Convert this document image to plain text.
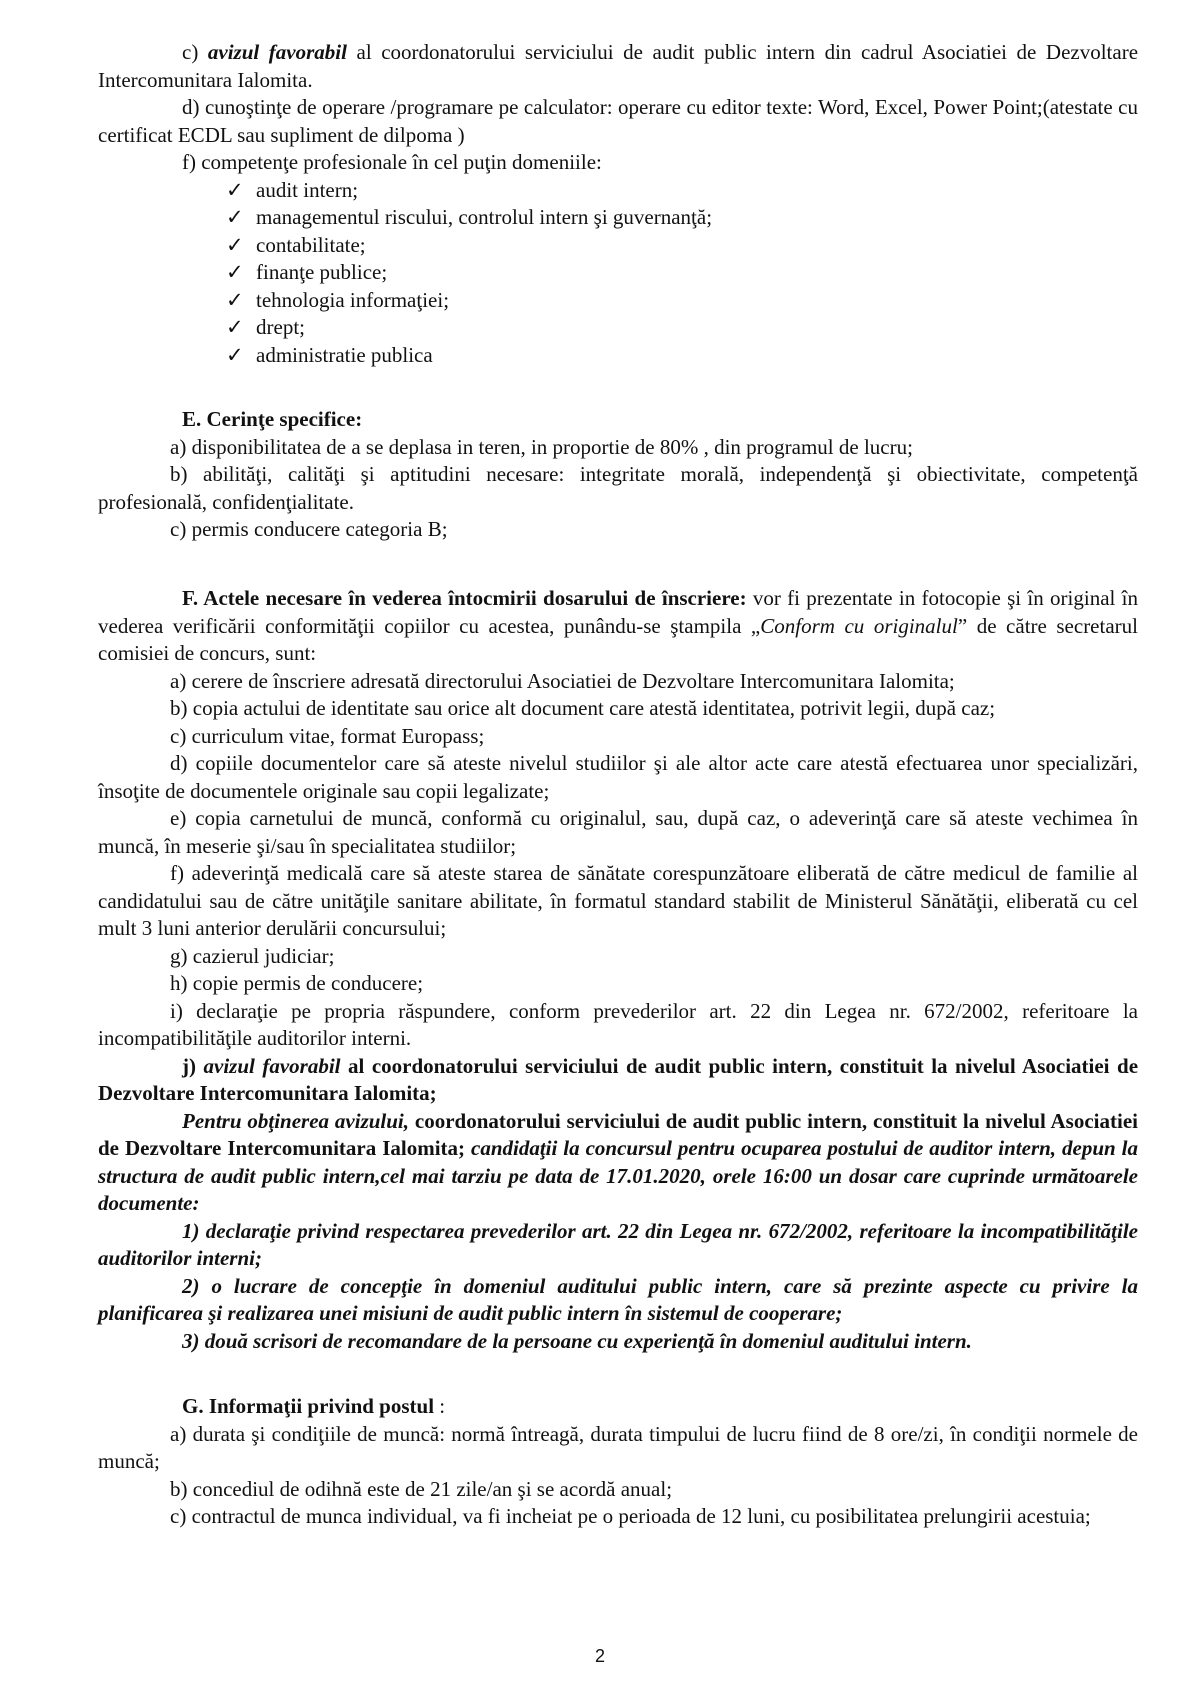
c) avizul favorabil al coordonatorului serviciului de audit public intern din cadrul Asociatiei de Dezvoltare Intercomunitara Ialomita.

d) cunoştinţe de operare /programare pe calculator: operare cu editor texte: Word, Excel, Power Point;(atestate cu certificat ECDL sau supliment de dilpoma )

f) competenţe profesionale în cel puţin domeniile:

✓ audit intern;
✓ managementul riscului, controlul intern şi guvernanţă;
✓ contabilitate;
✓ finanţe publice;
✓ tehnologia informaţiei;
✓ drept;
✓ administratie publica

E. Cerinţe specifice:

a) disponibilitatea de a se deplasa in teren, in proportie de 80% , din programul de lucru;

b) abilităţi, calităţi şi aptitudini necesare: integritate morală, independenţă şi obiectivitate, competenţă profesională, confidenţialitate.

c) permis conducere categoria B;

F. Actele necesare în vederea întocmirii dosarului de înscriere: vor fi prezentate in fotocopie şi în original în vederea verificării conformităţii copiilor cu acestea, punându-se ştampila „Conform cu originalul” de către secretarul comisiei de concurs, sunt:

a) cerere de înscriere adresată directorului Asociatiei de Dezvoltare Intercomunitara Ialomita;

b) copia actului de identitate sau orice alt document care atestă identitatea, potrivit legii, după caz;

c) curriculum vitae, format Europass;

d) copiile documentelor care să ateste nivelul studiilor şi ale altor acte care atestă efectuarea unor specializări, însoţite de documentele originale sau copii legalizate;

e) copia carnetului de muncă, conformă cu originalul, sau, după caz, o adeverinţă care să ateste vechimea în muncă, în meserie şi/sau în specialitatea studiilor;

f) adeverinţă medicală care să ateste starea de sănătate corespunzătoare eliberată de către medicul de familie al candidatului sau de către unităţile sanitare abilitate, în formatul standard stabilit de Ministerul Sănătăţii, eliberată cu cel mult 3 luni anterior derulării concursului;

g) cazierul judiciar;

h) copie permis de conducere;

i) declaraţie pe propria răspundere, conform prevederilor art. 22 din Legea nr. 672/2002, referitoare la incompatibilităţile auditorilor interni.

j) avizul favorabil al coordonatorului serviciului de audit public intern, constituit la nivelul Asociatiei de Dezvoltare Intercomunitara Ialomita;

Pentru obţinerea avizului, coordonatorului serviciului de audit public intern, constituit la nivelul Asociatiei de Dezvoltare Intercomunitara Ialomita; candidaţii la concursul pentru ocuparea postului de auditor intern, depun la structura de audit public intern,cel mai tarziu pe data de 17.01.2020, orele 16:00 un dosar care cuprinde următoarele documente:

1) declaraţie privind respectarea prevederilor art. 22 din Legea nr. 672/2002, referitoare la incompatibilităţile auditorilor interni;

2) o lucrare de concepţie în domeniul auditului public intern, care să prezinte aspecte cu privire la planificarea şi realizarea unei misiuni de audit public intern în sistemul de cooperare;

3) două scrisori de recomandare de la persoane cu experienţă în domeniul auditului intern.

G. Informaţii privind postul :

a) durata şi condiţiile de muncă: normă întreagă, durata timpului de lucru fiind de 8 ore/zi, în condiţii normele de muncă;

b) concediul de odihnă este de 21 zile/an şi se acordă anual;

c) contractul de munca individual, va fi incheiat pe o perioada de 12 luni, cu posibilitatea prelungirii acestuia;

2
